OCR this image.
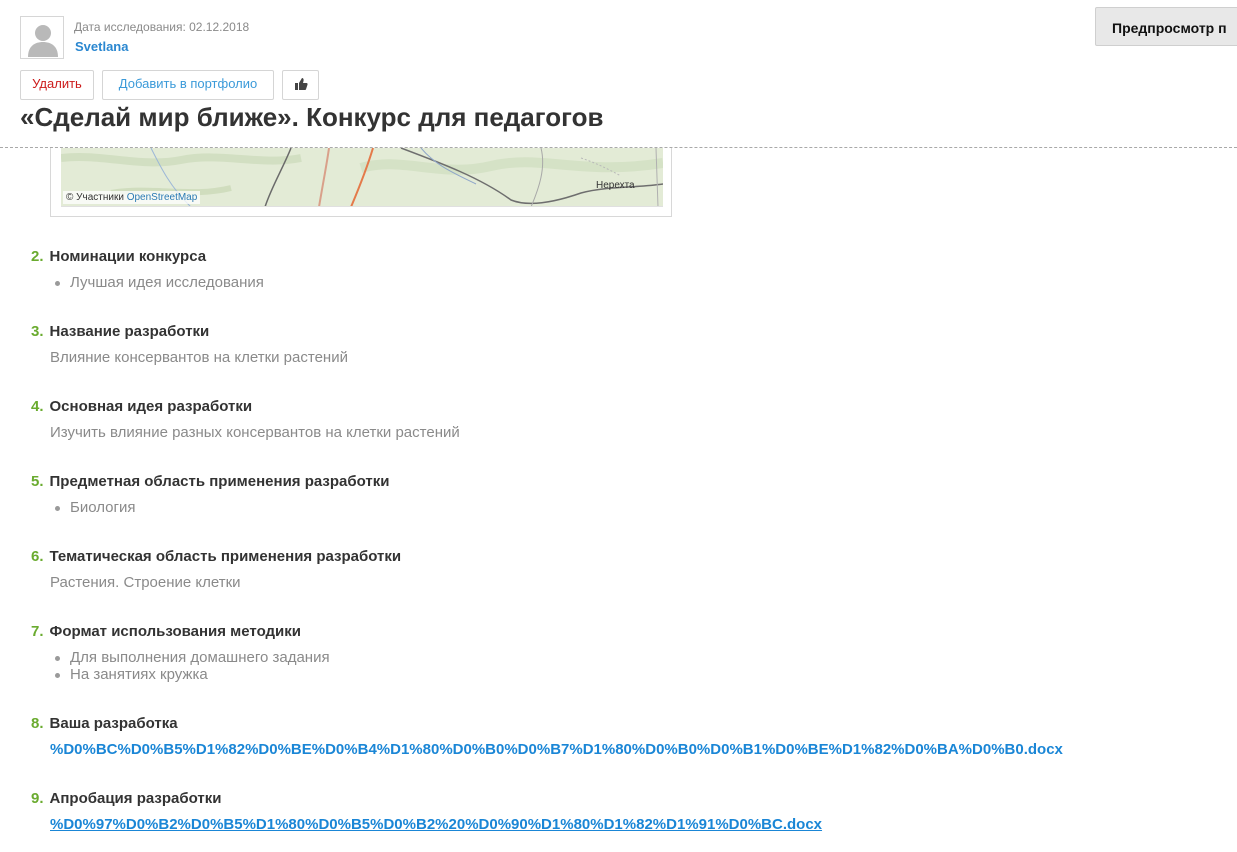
Дата исследования: 02.12.2018
Svetlana
Предпросмотр п
Удалить	Добавить в портфолио
«Сделай мир ближе». Конкурс для педагогов
Нерехта
© Участники OpenStreetMap
2. Номинации конкурса
Лучшая идея исследования
3. Название разработки
Влияние консервантов на клетки растений
4. Основная идея разработки
Изучить влияние разных консервантов на клетки растений
5. Предметная область применения разработки
Биология
6. Тематическая область применения разработки
Растения. Строение клетки
7. Формат использования методики
Для выполнения домашнего задания
На занятиях кружка
8. Ваша разработка
%D0%BC%D0%B5%D1%82%D0%BE%D0%B4%D1%80%D0%B0%D0%B7%D1%80%D0%B0%D0%B1%D0%BE%D1%82%D0%BA%D0%B0.docx
9. Апробация разработки
%D0%97%D0%B2%D0%B5%D1%80%D0%B5%D0%B2%20%D0%90%D1%80%D1%82%D1%91%D0%BC.docx
